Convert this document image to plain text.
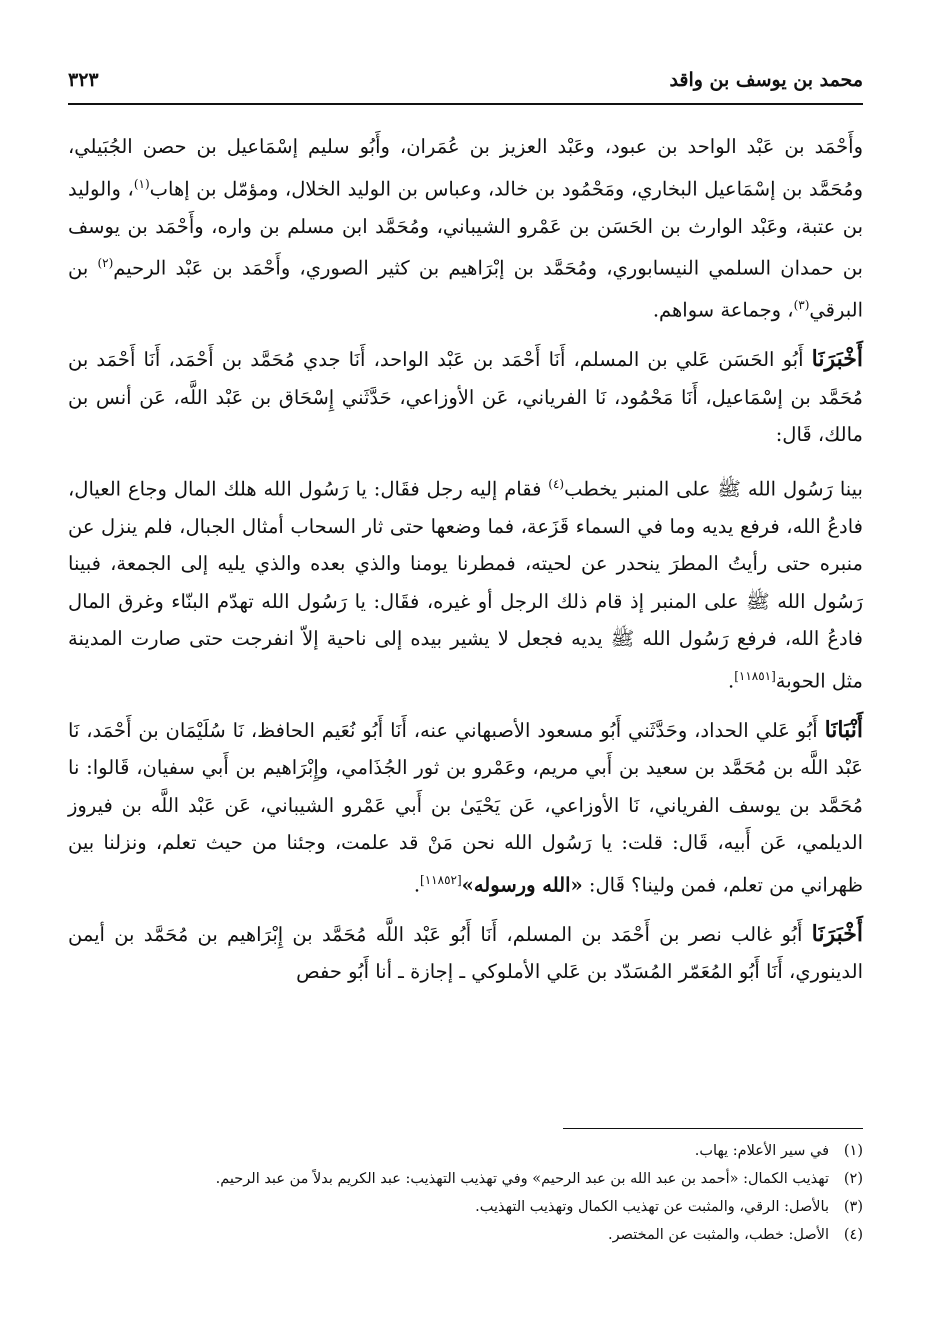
محمد بن يوسف بن واقد
٣٢٣

وأَحْمَد بن عَبْد الواحد بن عبود، وعَبْد العزيز بن عُمَران، وأَبُو سليم إسْمَاعيل بن حصن الجُبَيلي، ومُحَمَّد بن إسْمَاعيل البخاري، ومَحْمُود بن خالد، وعباس بن الوليد الخلال، ومؤمّل بن إهاب$^{(١)}$، والوليد بن عتبة، وعَبْد الوارث بن الحَسَن بن عَمْرو الشيباني، ومُحَمَّد ابن مسلم بن واره، وأَحْمَد بن يوسف بن حمدان السلمي النيسابوري، ومُحَمَّد بن إبْرَاهيم بن كثير الصوري، وأَحْمَد بن عَبْد الرحيم$^{(٢)}$ بن البرقي$^{(٣)}$، وجماعة سواهم.

أَخْبَرَنَا أَبُو الحَسَن عَلي بن المسلم، أَنَا أَحْمَد بن عَبْد الواحد، أَنَا جدي مُحَمَّد بن أَحْمَد، أَنَا أَحْمَد بن مُحَمَّد بن إسْمَاعيل، أَنَا مَحْمُود، نَا الفرياني، عَن الأوزاعي، حَدَّثَني إِسْحَاق بن عَبْد اللَّه، عَن أنس بن مالك، قَال:

بينا رَسُول الله ﷺ على المنبر يخطب$^{(٤)}$ فقام إليه رجل فقَال: يا رَسُول الله هلك المال وجاع العيال، فادعُ الله، فرفع يديه وما في السماء قَزَعة، فما وضعها حتى ثار السحاب أمثال الجبال، فلم ينزل عن منبره حتى رأيتُ المطرَ ينحدر عن لحيته، فمطرنا يومنا والذي بعده والذي يليه إلى الجمعة، فبينا رَسُول الله ﷺ على المنبر إذ قام ذلك الرجل أو غيره، فقَال: يا رَسُول الله تهدّم البنّاء وغرق المال فادعُ الله، فرفع رَسُول الله ﷺ يديه فجعل لا يشير بيده إلى ناحية إلاّ انفرجت حتى صارت المدينة مثل الحوبة[١١٨٥١].

أَنْبَانَا أَبُو عَلي الحداد، وحَدَّثَني أَبُو مسعود الأصبهاني عنه، أَنَا أَبُو نُعَيم الحافظ، نَا سُلَيْمَان بن أَحْمَد، نَا عَبْد اللَّه بن مُحَمَّد بن سعيد بن أَبي مريم، وعَمْرو بن ثور الجُذَامي، وإِبْرَاهيم بن أَبي سفيان، قَالوا: نا مُحَمَّد بن يوسف الفرياني، نَا الأوزاعي، عَن يَحْيَىٰ بن أَبي عَمْرو الشيباني، عَن عَبْد اللَّه بن فيروز الديلمي، عَن أَبيه، قَال: قلت: يا رَسُول الله نحن مَنْ قد علمت، وجئنا من حيث تعلم، ونزلنا بين ظهراني من تعلم، فمن ولينا؟ قَال: «الله ورسوله»[١١٨٥٢].

أَخْبَرَنَا أَبُو غالب نصر بن أَحْمَد بن المسلم، أَنَا أَبُو عَبْد اللَّه مُحَمَّد بن إِبْرَاهيم بن مُحَمَّد بن أيمن الدينوري، أَنَا أَبُو المُعَمّر المُسَدّد بن عَلي الأملوكي ـ إجازة ـ أنا أَبُو حفص

(١)
في سير الأعلام: يهاب.
(٢)
تهذيب الكمال: «أحمد بن عبد الله بن عبد الرحيم» وفي تهذيب التهذيب: عبد الكريم بدلاً من عبد الرحيم.
(٣)
بالأصل: الرقي، والمثبت عن تهذيب الكمال وتهذيب التهذيب.
(٤)
الأصل: خطب، والمثبت عن المختصر.
